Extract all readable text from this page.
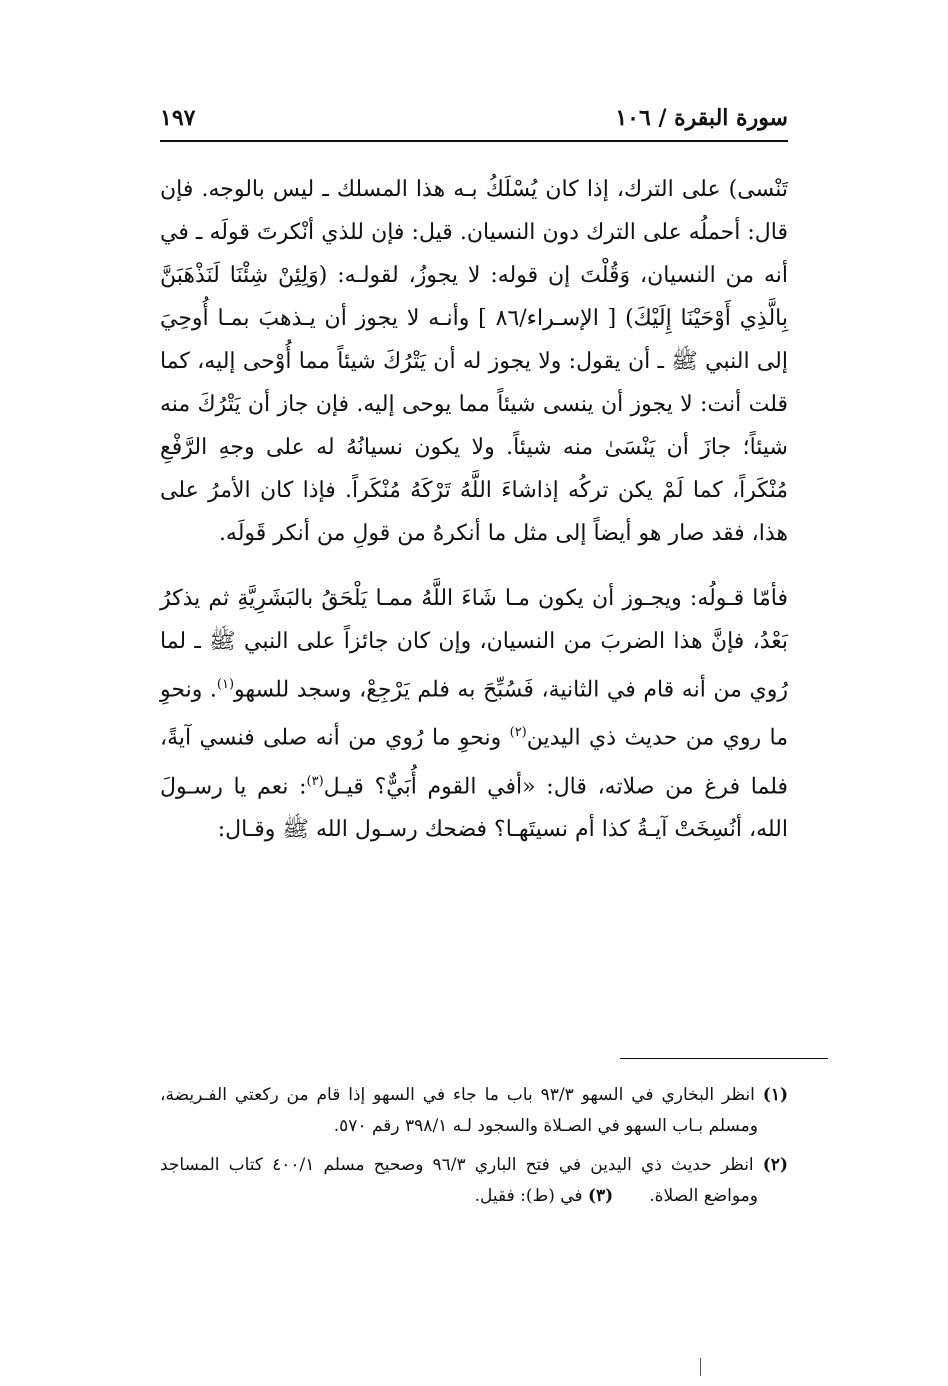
سورة البقرة / ١٠٦
١٩٧

تَنْسى) على الترك، إذا كان يُسْلَكُ بـه هذا المسلك ـ ليس بالوجه. فإن قال: أحملُه على الترك دون النسيان. قيل: فإن للذي أنْكرتَ قولَه ـ في أنه من النسيان، وَقُلْتَ إن قوله: لا يجوزُ، لقولـه: (وَلِئِنْ شِئْنَا لَنَذْهَبَنَّ بِالَّذِي أَوْحَيْنَا إِلَيْكَ) [ الإسـراء/٨٦ ] وأنـه لا يجوز أن يـذهبَ بمـا أُوحِيَ إلى النبي ﷺ ـ أن يقول: ولا يجوز له أن يَتْرُكَ شيئاً مما أُوْحى إليه، كما قلت أنت: لا يجوز أن ينسى شيئاً مما يوحى إليه. فإن جاز أن يَتْرُكَ منه شيئاً؛ جازَ أن يَنْسَىٰ منه شيئاً. ولا يكون نسيانُهُ له على وجهِ الرَّفْعِ مُنْكَراً، كما لَمْ يكن تركُه إذاشاءَ اللَّهُ تَرْكَهُ مُنْكَراً. فإذا كان الأمرُ على هذا، فقد صار هو أيضاً إلى مثل ما أنكرهُ من قولِ من أنكر قَولَه.

فأمّا قـولُه: ويجـوز أن يكون مـا شَاءَ اللَّهُ ممـا يَلْحَقُ بالبَشَرِيَّةِ ثم يذكرُ بَعْدُ، فإنَّ هذا الضربَ من النسيان، وإن كان جائزاً على النبي ﷺ ـ لما رُوي من أنه قام في الثانية، فَسُبِّحَ به فلم يَرْجِعْ، وسجد للسهو$^{(١)}$. ونحوِ ما روي من حديث ذي اليدين$^{(٢)}$ ونحوِ ما رُوي من أنه صلى فنسي آيةً، فلما فرغ من صلاته، قال: «أفي القوم أُبَيٌّ؟ قيـل$^{(٣)}$: نعم يا رسـولَ الله، أنُسِخَتْ آيـةُ كذا أم نسيتَهـا؟ فضحك رسـول الله ﷺ وقـال:

(١) انظر البخاري في السهو ٩٣/٣ باب ما جاء في السهو إذا قام من ركعتي الفـريضة، ومسلم بـاب السهو في الصـلاة والسجود لـه ٣٩٨/١ رقم ٥٧٠.

(٢) انظر حديث ذي اليدين في فتح الباري ٩٦/٣ وصحيح مسلم ٤٠٠/١ كتاب المساجد ومواضع الصلاة.(٣) في (ط): فقيل.
